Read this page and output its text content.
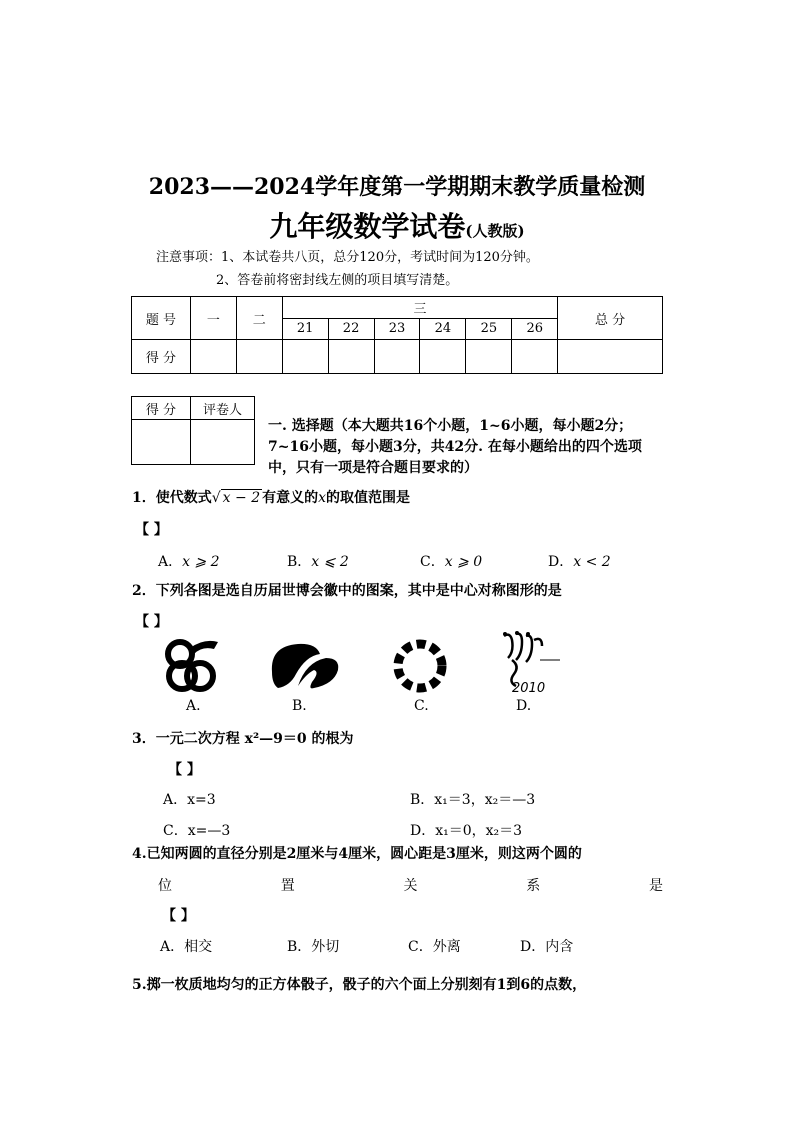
2023——2024学年度第一学期期末教学质量检测
九年级数学试卷(人教版)
注意事项：1、本试卷共八页，总分120分，考试时间为120分钟。
2、答卷前将密封线左侧的项目填写清楚。
题 号	一	二	三						总 分
			21	22	23	24	25	26	
得 分									
得 分	评卷人

一. 选择题（本大题共16个小题，1~6小题，每小题2分；7~16小题，每小题3分，共42分. 在每小题给出的四个选项中，只有一项是符合题目要求的）
1．使代数式√ x − 2 有意义的x的取值范围是
【 】
A．x ⩾ 2	B．x ⩽ 2	C．x ⩾ 0	D．x < 2
2．下列各图是选自历届世博会徽中的图案，其中是中心对称图形的是
【 】
2010
A.	B.	C.	D.
3．一元二次方程 x²—9＝0 的根为
【 】
A．x=3	B．x₁＝3，x₂＝—3
C．x=—3	D．x₁＝0，x₂＝3
4.已知两圆的直径分别是2厘米与4厘米，圆心距是3厘米，则这两个圆的
位	置	关	系	是
【 】
A．相交	B．外切	C．外离	D．内含
5.掷一枚质地均匀的正方体骰子，骰子的六个面上分别刻有1到6的点数，
